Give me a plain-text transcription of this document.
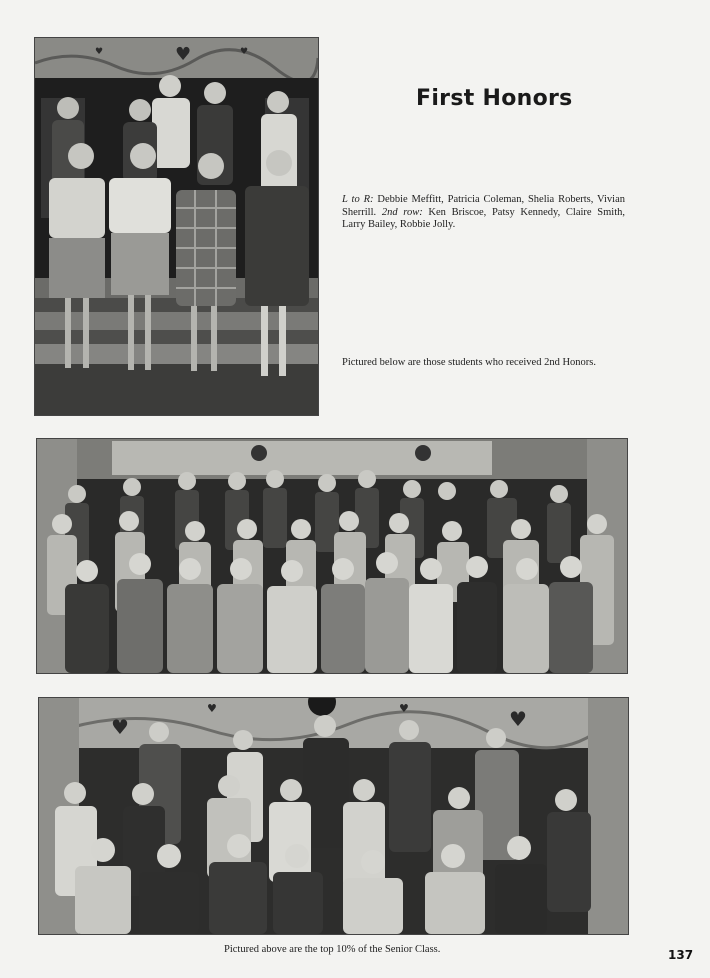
♥
♥	♥
First Honors
L to R: Debbie Meffitt, Patricia Coleman, Shelia Roberts, Vivian Sherrill. 2nd row: Ken Briscoe, Patsy Kennedy, Claire Smith, Larry Bailey, Robbie Jolly.
Pictured below are those students who received 2nd Honors.
♥	♥
♥	♥
Pictured above are the top 10% of the Senior Class.	137
